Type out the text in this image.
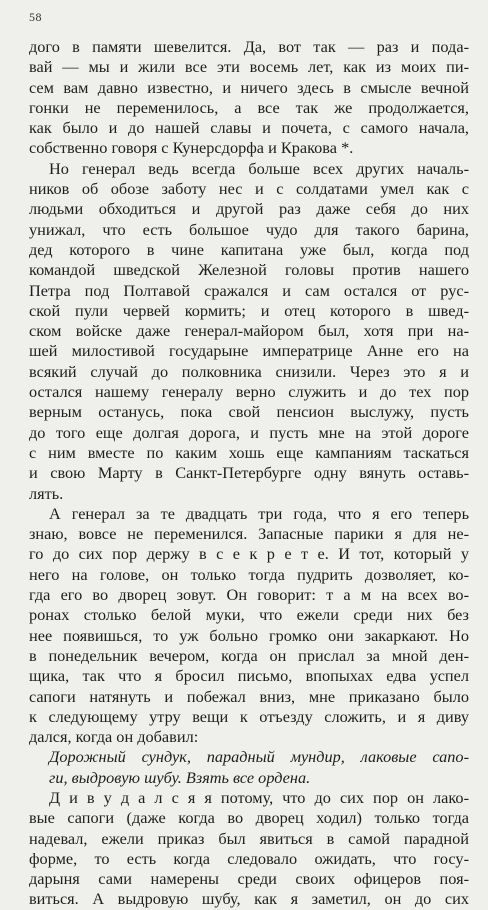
58
дого в памяти шевелится. Да, вот так — раз и пода-
вай — мы и жили все эти восемь лет, как из моих пи-
сем вам давно известно, и ничего здесь в смысле вечной
гонки не переменилось, а все так же продолжается,
как было и до нашей славы и почета, с самого начала,
собственно говоря с Кунерсдорфа и Кракова *.
Но генерал ведь всегда больше всех других началь-
ников об обозе заботу нес и с солдатами умел как с
людьми обходиться и другой раз даже себя до них
унижал, что есть большое чудо для такого барина,
дед которого в чине капитана уже был, когда под
командой шведской Железной головы против нашего
Петра под Полтавой сражался и сам остался от рус-
ской пули червей кормить; и отец которого в швед-
ском войске даже генерал-майором был, хотя при на-
шей милостивой государыне императрице Анне его на
всякий случай до полковника снизили. Через это я и
остался нашему генералу верно служить и до тех пор
верным останусь, пока свой пенсион выслужу, пусть
до того еще долгая дорога, и пусть мне на этой дороге
с ним вместе по каким хошь еще кампаниям таскаться
и свою Марту в Санкт-Петербурге одну вянуть оставь-
лять.
А генерал за те двадцать три года, что я его теперь
знаю, вовсе не переменился. Запасные парики я для не-
го до сих пор держу в с е к р е т е. И тот, который у
него на голове, он только тогда пудрить дозволяет, ко-
гда его во дворец зовут. Он говорит: т а м на всех во-
ронах столько белой муки, что ежели среди них без
нее появишься, то уж больно громко они закаркают. Но
в понедельник вечером, когда он прислал за мной ден-
щика, так что я бросил письмо, впопыхах едва успел
сапоги натянуть и побежал вниз, мне приказано было
к следующему утру вещи к отъезду сложить, и я диву
дался, когда он добавил:
Дорожный сундук, парадный мундир, лаковые сапо-
ги, выдровую шубу. Взять все ордена.
Д и в у д а л с я я потому, что до сих пор он лако-
вые сапоги (даже когда во дворец ходил) только тогда
надевал, ежели приказ был явиться в самой парадной
форме, то есть когда следовало ожидать, что госу-
дарыня сами намерены среди своих офицеров поя-
виться. А выдровую шубу, как я заметил, он до сих
